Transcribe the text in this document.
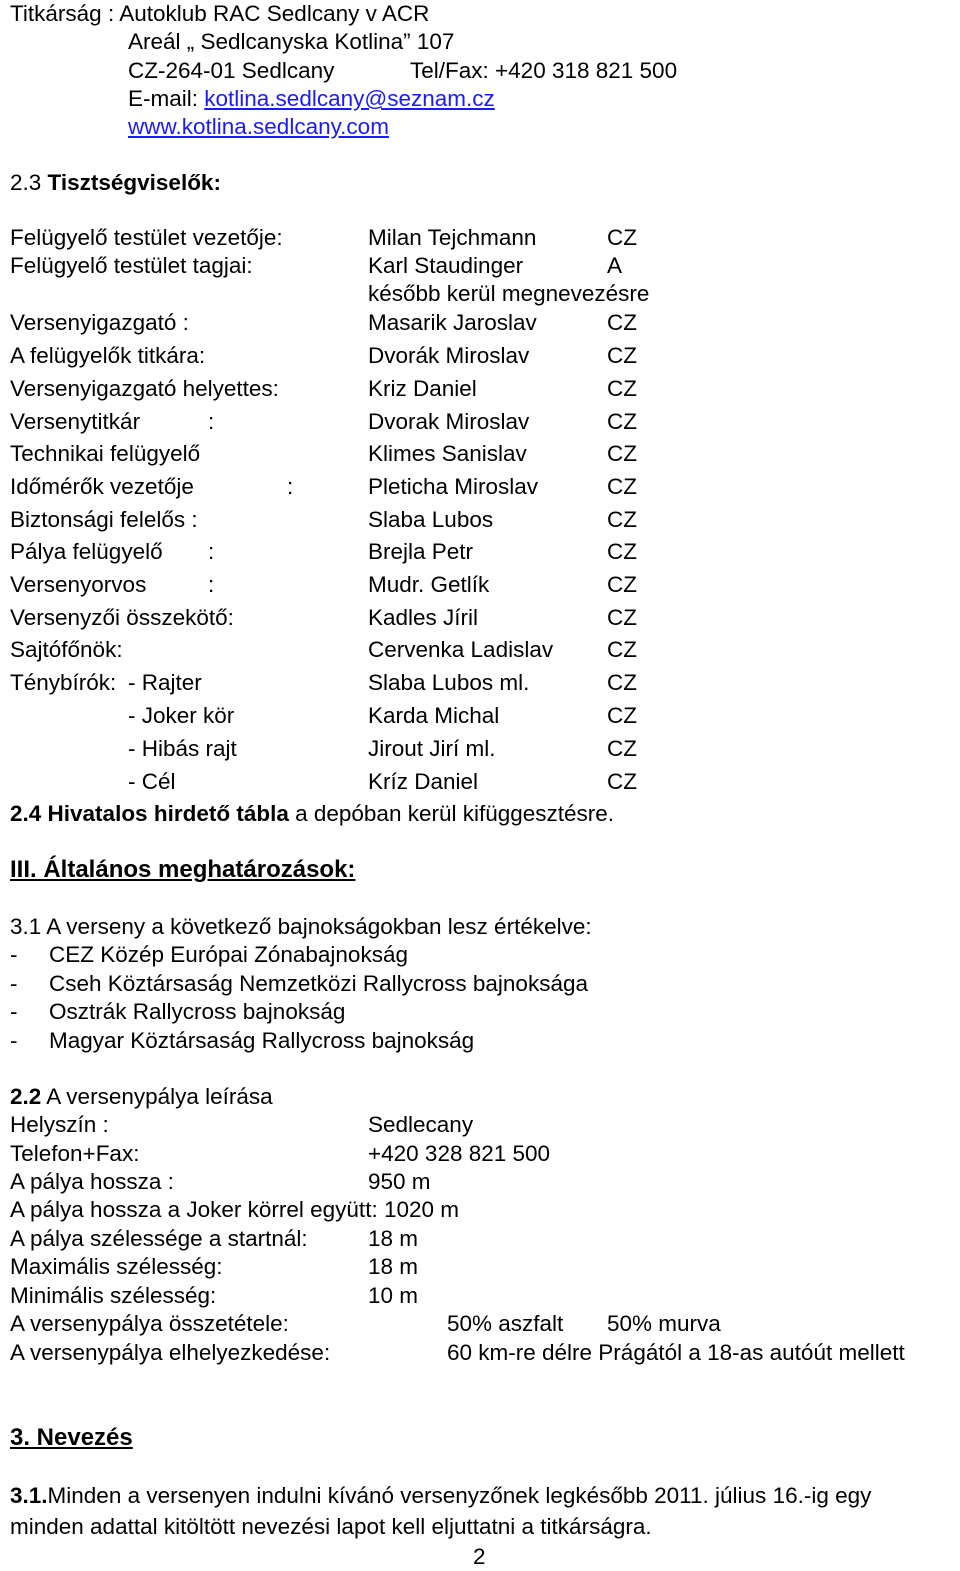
Titkárság : Autoklub RAC Sedlcany v ACR
Areál „ Sedlcanyska Kotlina” 107
CZ-264-01 Sedlcany	Tel/Fax: +420 318 821 500
E-mail: kotlina.sedlcany@seznam.cz
www.kotlina.sedlcany.com
2.3 Tisztségviselők:
Felügyelő testület vezetője:	Milan Tejchmann	CZ
Felügyelő testület tagjai:	Karl Staudinger	A
később kerül megnevezésre
Versenyigazgató :	Masarik Jaroslav	CZ
A felügyelők titkára:	Dvorák Miroslav	CZ
Versenyigazgató helyettes:	Kriz Daniel	CZ
Versenytitkár	:	Dvorak Miroslav	CZ
Technikai felügyelő	Klimes Sanislav	CZ
Időmérők vezetője	:	Pleticha Miroslav	CZ
Biztonsági felelős :	Slaba Lubos	CZ
Pálya felügyelő :	Brejla Petr	CZ
Versenyorvos	:	Mudr. Getlík	CZ
Versenyzői összekötő:	Kadles Jíril	CZ
Sajtófőnök:	Cervenka Ladislav CZ
Ténybírók: - Rajter	Slaba Lubos ml.	CZ
- Joker kör	Karda Michal	CZ
- Hibás rajt	Jirout Jirí ml.	CZ
- Cél	Kríz Daniel	CZ
2.4 Hivatalos hirdető tábla a depóban kerül kifüggesztésre.
III. Általános meghatározások:
3.1 A verseny a következő bajnokságokban lesz értékelve:
- CEZ Közép Európai Zónabajnokság
- Cseh Köztársaság Nemzetközi Rallycross bajnoksága
- Osztrák Rallycross bajnokság
- Magyar Köztársaság Rallycross bajnokság
2.2 A versenypálya leírása
Helyszín :	Sedlecany
Telefon+Fax:	+420 328 821 500
A pálya hossza :	950 m
A pálya hossza a Joker körrel együtt: 1020 m
A pálya szélessége a startnál:	18 m
Maximális szélesség:	18 m
Minimális szélesség:	10 m
A versenypálya összetétele:	50% aszfalt 50% murva
A versenypálya elhelyezkedése:	60 km-re délre Prágától a 18-as autóút mellett
3. Nevezés
3.1.Minden a versenyen indulni kívánó versenyzőnek legkésőbb 2011. július 16.-ig egy
minden adattal kitöltött nevezési lapot kell eljuttatni a titkárságra.
2
